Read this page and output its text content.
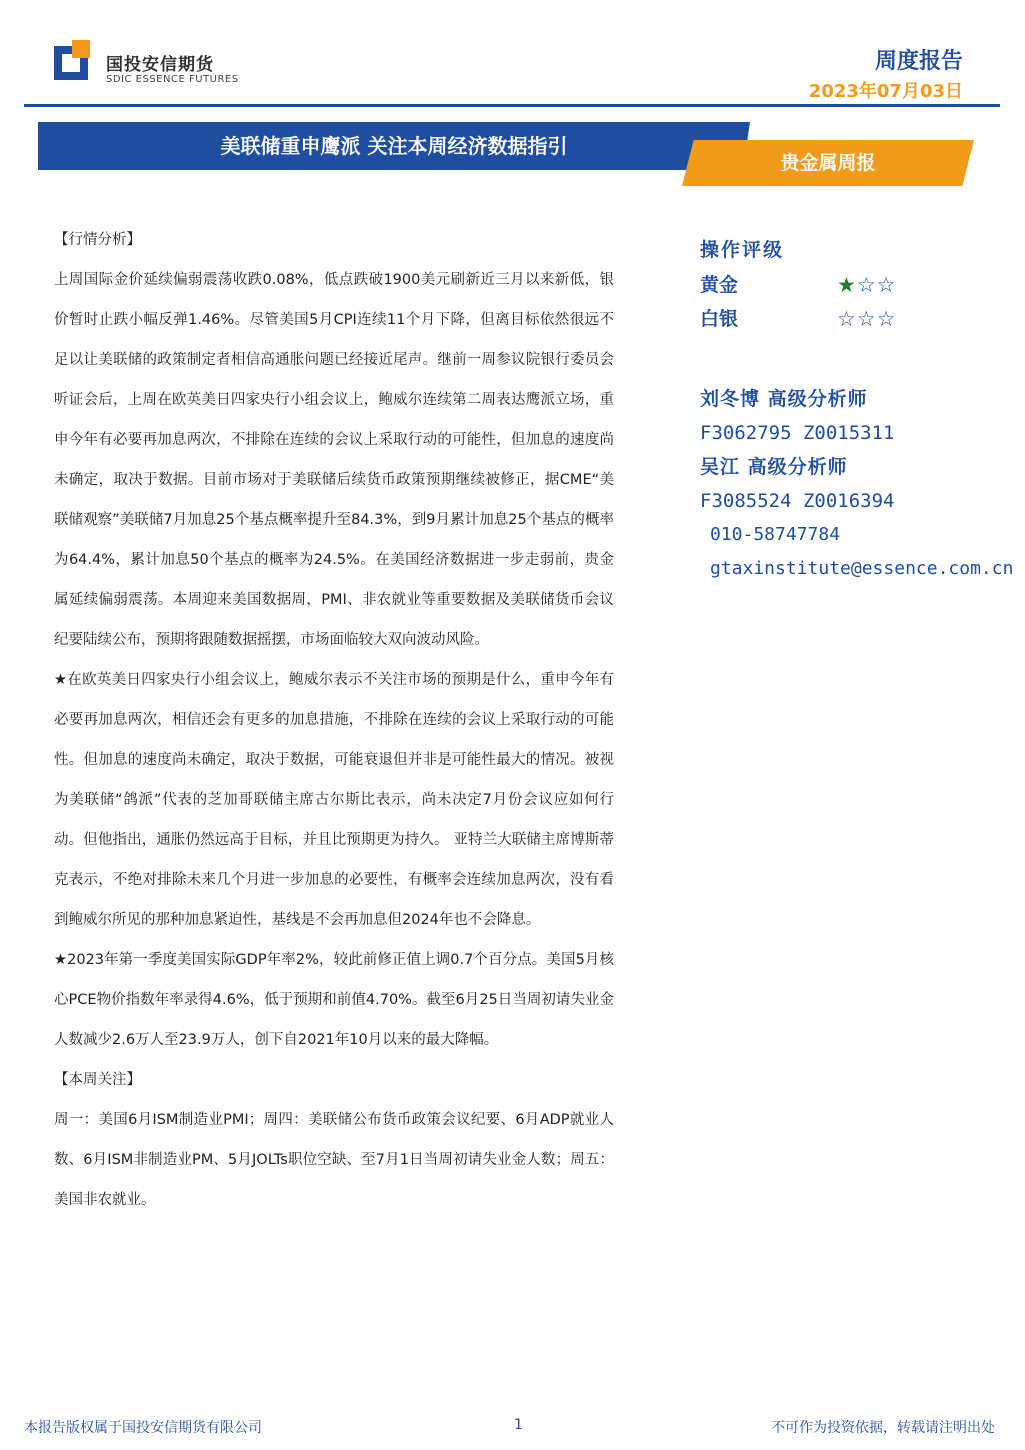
国投安信期货
SDIC ESSENCE FUTURES
周度报告
2023年07月03日
美联储重申鹰派 关注本周经济数据指引
贵金属周报

【行情分析】

上周国际金价延续偏弱震荡收跌0.08%，低点跌破1900美元刷新近三月以来新低，银价暂时止跌小幅反弹1.46%。尽管美国5月CPI连续11个月下降，但离目标依然很远不足以让美联储的政策制定者相信高通胀问题已经接近尾声。继前一周参议院银行委员会听证会后，上周在欧英美日四家央行小组会议上，鲍威尔连续第二周表达鹰派立场，重申今年有必要再加息两次，不排除在连续的会议上采取行动的可能性，但加息的速度尚未确定，取决于数据。目前市场对于美联储后续货币政策预期继续被修正，据CME“美联储观察”美联储7月加息25个基点概率提升至84.3%，到9月累计加息25个基点的概率为64.4%，累计加息50个基点的概率为24.5%。在美国经济数据进一步走弱前，贵金属延续偏弱震荡。本周迎来美国数据周，PMI、非农就业等重要数据及美联储货币会议纪要陆续公布，预期将跟随数据摇摆，市场面临较大双向波动风险。

★在欧英美日四家央行小组会议上，鲍威尔表示不关注市场的预期是什么，重申今年有必要再加息两次，相信还会有更多的加息措施，不排除在连续的会议上采取行动的可能性。但加息的速度尚未确定，取决于数据，可能衰退但并非是可能性最大的情况。被视为美联储“鸽派”代表的芝加哥联储主席古尔斯比表示，尚未决定7月份会议应如何行动。但他指出，通胀仍然远高于目标，并且比预期更为持久。 亚特兰大联储主席博斯蒂克表示，不绝对排除未来几个月进一步加息的必要性，有概率会连续加息两次，没有看到鲍威尔所见的那种加息紧迫性，基线是不会再加息但2024年也不会降息。

★2023年第一季度美国实际GDP年率2%，较此前修正值上调0.7个百分点。美国5月核心PCE物价指数年率录得4.6%，低于预期和前值4.70%。截至6月25日当周初请失业金人数减少2.6万人至23.9万人，创下自2021年10月以来的最大降幅。

【本周关注】

周一：美国6月ISM制造业PMI；周四：美联储公布货币政策会议纪要、6月ADP就业人数、6月ISM非制造业PM、5月JOLTs职位空缺、至7月1日当周初请失业金人数；周五：美国非农就业。

操作评级
黄金	★☆☆
白银	☆☆☆
刘冬博 高级分析师
F3062795 Z0015311
吴江 高级分析师
F3085524 Z0016394
010-58747784
gtaxinstitute@essence.com.cn
本报告版权属于国投安信期货有限公司	1	不可作为投资依据，转载请注明出处
